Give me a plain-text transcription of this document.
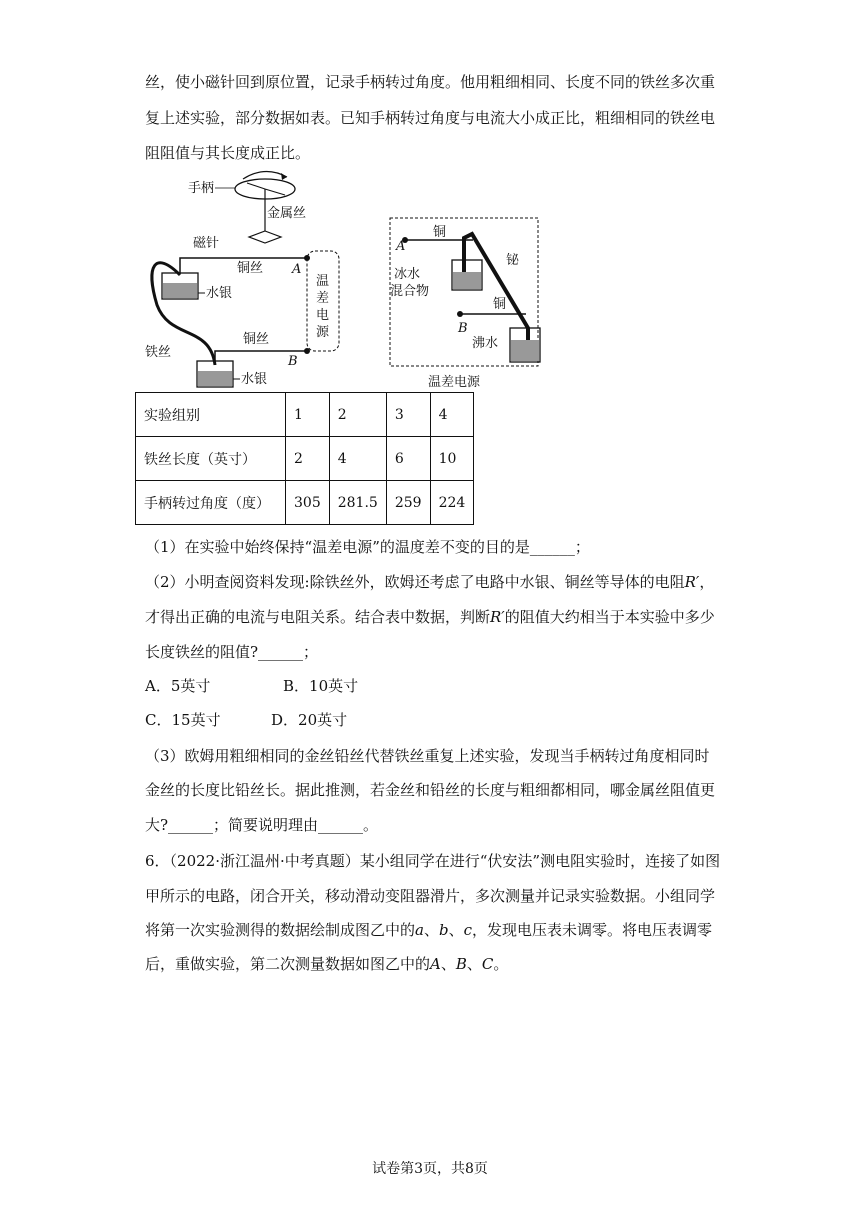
丝，使小磁针回到原位置，记录手柄转过角度。他用粗细相同、长度不同的铁丝多次重
复上述实验，部分数据如表。已知手柄转过角度与电流大小成正比，粗细相同的铁丝电
阻阻值与其长度成正比。
手柄
金属丝
磁针
铜丝 A
水银
温
差
电
源
铁丝
铜丝
B
水银
A
铜
铋
冰水
混合物
铜
B
沸水
温差电源
实验组别	1	2	3	4
铁丝长度（英寸）	2	4	6	10
手柄转过角度（度）	305	281.5	259	224
（1）在实验中始终保持“温差电源”的温度差不变的目的是______；
（2）小明查阅资料发现:除铁丝外，欧姆还考虑了电路中水银、铜丝等导体的电阻R′，
才得出正确的电流与电阻关系。结合表中数据，判断R′的阻值大约相当于本实验中多少
长度铁丝的阻值?______；
A．5英寸	B．10英寸
C．15英寸	D．20英寸
（3）欧姆用粗细相同的金丝铅丝代替铁丝重复上述实验，发现当手柄转过角度相同时
金丝的长度比铅丝长。据此推测，若金丝和铅丝的长度与粗细都相同，哪金属丝阻值更
大?______；简要说明理由______。
6．（2022·浙江温州·中考真题）某小组同学在进行“伏安法”测电阻实验时，连接了如图
甲所示的电路，闭合开关，移动滑动变阻器滑片，多次测量并记录实验数据。小组同学
将第一次实验测得的数据绘制成图乙中的a、b、c，发现电压表未调零。将电压表调零
后，重做实验，第二次测量数据如图乙中的A、B、C。
试卷第3页，共8页
